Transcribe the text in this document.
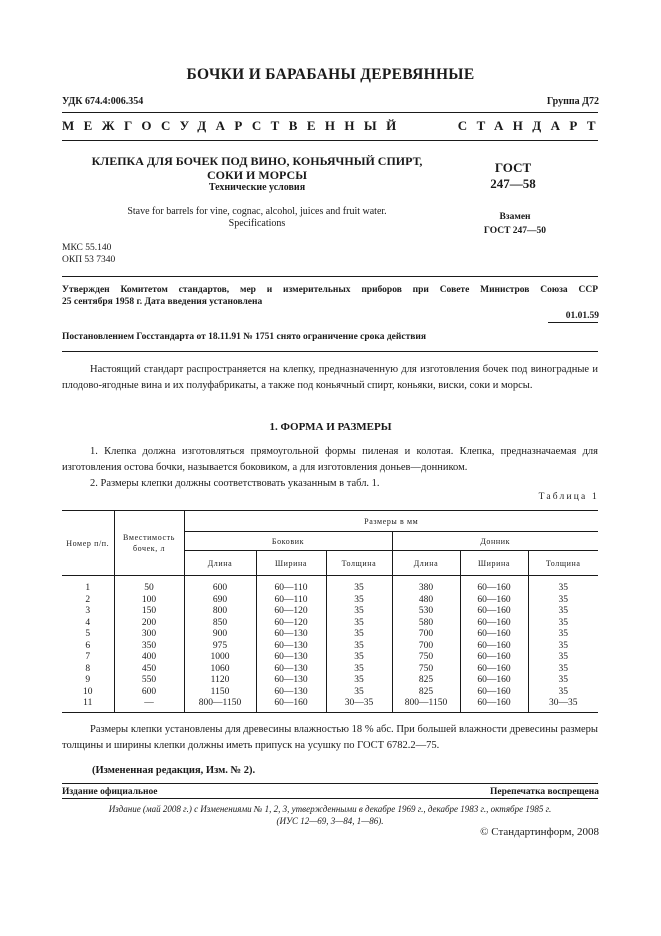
БОЧКИ И БАРАБАНЫ ДЕРЕВЯННЫЕ
УДК 674.4:006.354	Группа Д72
МЕЖГОСУДАРСТВЕННЫЙ	СТАНДАРТ
КЛЕПКА ДЛЯ БОЧЕК ПОД ВИНО, КОНЬЯЧНЫЙ СПИРТ,
СОКИ И МОРСЫ
Технические условия
Stave for barrels for vine, cognac, alcohol, juices and fruit water.
Specifications
ГОСТ
247—58
Взамен
ГОСТ 247—50
МКС 55.140
ОКП 53 7340
Утвержден Комитетом стандартов, мер и измерительных приборов при Совете Министров Союза ССР
25 сентября 1958 г. Дата введения установлена
01.01.59
Постановлением Госстандарта от 18.11.91 № 1751 снято ограничение срока действия

Настоящий стандарт распространяется на клепку, предназначенную для изготовления бочек под виноградные и плодово-ягодные вина и их полуфабрикаты, а также под коньячный спирт, коньяки, виски, соки и морсы.

1. ФОРМА И РАЗМЕРЫ

1. Клепка должна изготовляться прямоугольной формы пиленая и колотая. Клепка, предназначаемая для изготовления остова бочки, называется боковиком, а для изготовления доньев—донником.

2. Размеры клепки должны соответствовать указанным в табл. 1.

Таблица 1
Номер п/п.	Вместимость бочек, л	Размеры в мм					
		Боковик			Донник		
		Длина	Ширина	Толщина	Длина	Ширина	Толщина
1	50	600	60—110	35	380	60—160	35
2	100	690	60—110	35	480	60—160	35
3	150	800	60—120	35	530	60—160	35
4	200	850	60—120	35	580	60—160	35
5	300	900	60—130	35	700	60—160	35
6	350	975	60—130	35	700	60—160	35
7	400	1000	60—130	35	750	60—160	35
8	450	1060	60—130	35	750	60—160	35
9	550	1120	60—130	35	825	60—160	35
10	600	1150	60—130	35	825	60—160	35
11	—	800—1150	60—160	30—35	800—1150	60—160	30—35

Размеры клепки установлены для древесины влажностью 18 % абс. При большей влажности древесины размеры толщины и ширины клепки должны иметь припуск на усушку по ГОСТ 6782.2—75.

(Измененная редакция, Изм. № 2).
Издание официальное	Перепечатка воспрещена
Издание (май 2008 г.) с Изменениями № 1, 2, 3, утвержденными в декабре 1969 г., декабре 1983 г., октябре 1985 г.
(ИУС 12—69, 3—84, 1—86).
© Стандартинформ, 2008
